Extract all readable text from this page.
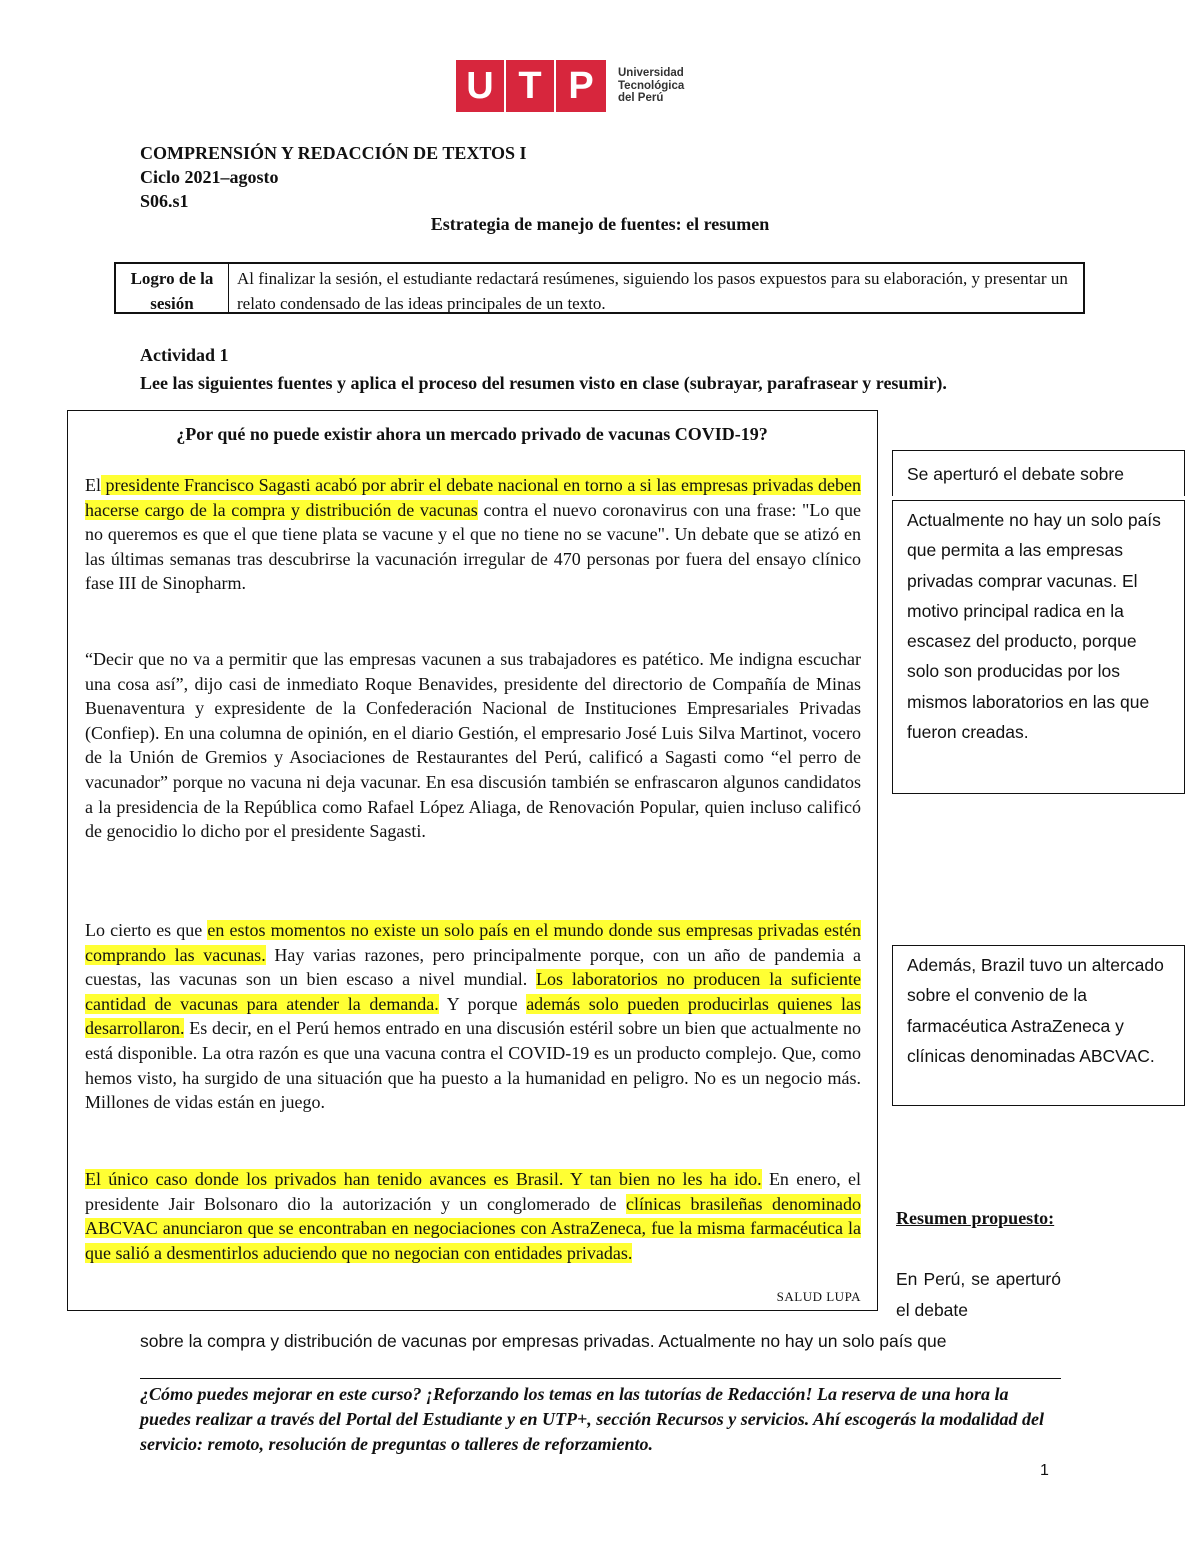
U T P	Universidad
Tecnológica
del Perú
COMPRENSIÓN Y REDACCIÓN DE TEXTOS I
Ciclo 2021–agosto
S06.s1
Estrategia de manejo de fuentes: el resumen
Logro de la sesión
Al finalizar la sesión, el estudiante redactará resúmenes, siguiendo los pasos expuestos para su elaboración, y presentar un relato condensado de las ideas principales de un texto.
Actividad 1
Lee las siguientes fuentes y aplica el proceso del resumen visto en clase (subrayar, parafrasear y resumir).
¿Por qué no puede existir ahora un mercado privado de vacunas COVID-19?

El presidente Francisco Sagasti acabó por abrir el debate nacional en torno a si las empresas privadas deben hacerse cargo de la compra y distribución de vacunas contra el nuevo coronavirus con una frase: "Lo que no queremos es que el que tiene plata se vacune y el que no tiene no se vacune". Un debate que se atizó en las últimas semanas tras descubrirse la vacunación irregular de 470 personas por fuera del ensayo clínico fase III de Sinopharm.

“Decir que no va a permitir que las empresas vacunen a sus trabajadores es patético. Me indigna escuchar una cosa así”, dijo casi de inmediato Roque Benavides, presidente del directorio de Compañía de Minas Buenaventura y expresidente de la Confederación Nacional de Instituciones Empresariales Privadas (Confiep). En una columna de opinión, en el diario Gestión, el empresario José Luis Silva Martinot, vocero de la Unión de Gremios y Asociaciones de Restaurantes del Perú, calificó a Sagasti como “el perro de vacunador” porque no vacuna ni deja vacunar. En esa discusión también se enfrascaron algunos candidatos a la presidencia de la República como Rafael López Aliaga, de Renovación Popular, quien incluso calificó de genocidio lo dicho por el presidente Sagasti.

Lo cierto es que en estos momentos no existe un solo país en el mundo donde sus empresas privadas estén comprando las vacunas. Hay varias razones, pero principalmente porque, con un año de pandemia a cuestas, las vacunas son un bien escaso a nivel mundial. Los laboratorios no producen la suficiente cantidad de vacunas para atender la demanda. Y porque además solo pueden producirlas quienes las desarrollaron. Es decir, en el Perú hemos entrado en una discusión estéril sobre un bien que actualmente no está disponible. La otra razón es que una vacuna contra el COVID-19 es un producto complejo. Que, como hemos visto, ha surgido de una situación que ha puesto a la humanidad en peligro. No es un negocio más. Millones de vidas están en juego.

El único caso donde los privados han tenido avances es Brasil. Y tan bien no les ha ido. En enero, el presidente Jair Bolsonaro dio la autorización y un conglomerado de clínicas brasileñas denominado ABCVAC anunciaron que se encontraban en negociaciones con AstraZeneca, fue la misma farmacéutica la que salió a desmentirlos aduciendo que no negocian con entidades privadas.

SALUD LUPA
Se aperturó el debate sobre
Actualmente no hay un solo país que permita a las empresas privadas comprar vacunas. El motivo principal radica en la escasez del producto, porque solo son producidas por los mismos laboratorios en las que fueron creadas.
Además, Brazil tuvo un altercado sobre el convenio de la farmacéutica AstraZeneca y clínicas denominadas ABCVAC.
Resumen propuesto:
En Perú, se aperturó el debate
sobre la compra y distribución de vacunas por empresas privadas. Actualmente no hay un solo país que
¿Cómo puedes mejorar en este curso? ¡Reforzando los temas en las tutorías de Redacción! La reserva de una hora la puedes realizar a través del Portal del Estudiante y en UTP+, sección Recursos y servicios. Ahí escogerás la modalidad del servicio: remoto, resolución de preguntas o talleres de reforzamiento.
1
